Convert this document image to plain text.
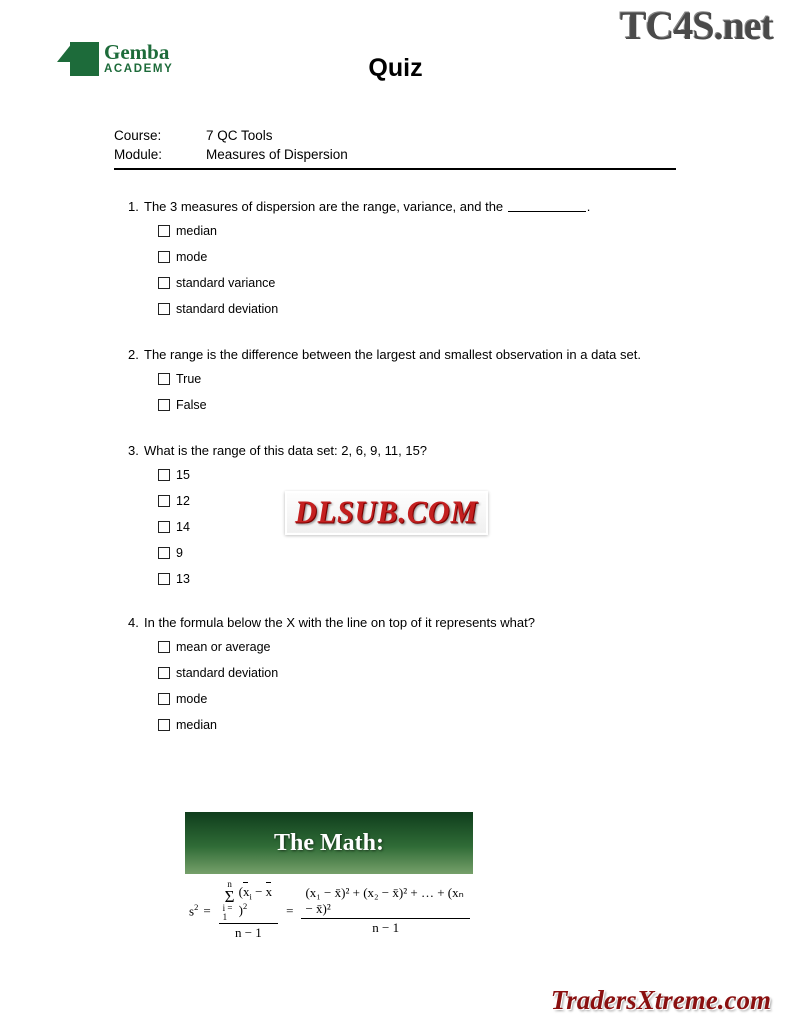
Gemba
ACADEMY	Quiz
Course:	7 QC Tools
Module:	Measures of Dispersion
1. The 3 measures of dispersion are the range, variance, and the	.
median
mode
standard variance
standard deviation
2. The range is the difference between the largest and smallest observation in a data set.
True
False
3. What is the range of this data set: 2, 6, 9, 11, 15?
15
12
14
9
13
4. In the formula below the X with the line on top of it represents what?
mean or average
standard deviation
mode
median
The Math:
$s^2$ =
n
Σ
i = 1
$(x_i - x)^2$
n − 1
= $\frac{\text{(x₁ − x̄)² + (x₂ − x̄)² + … + (xₙ − x̄)²}}{n - 1}$
TC4S.net
DLSUB.COM
TradersXtreme.com
